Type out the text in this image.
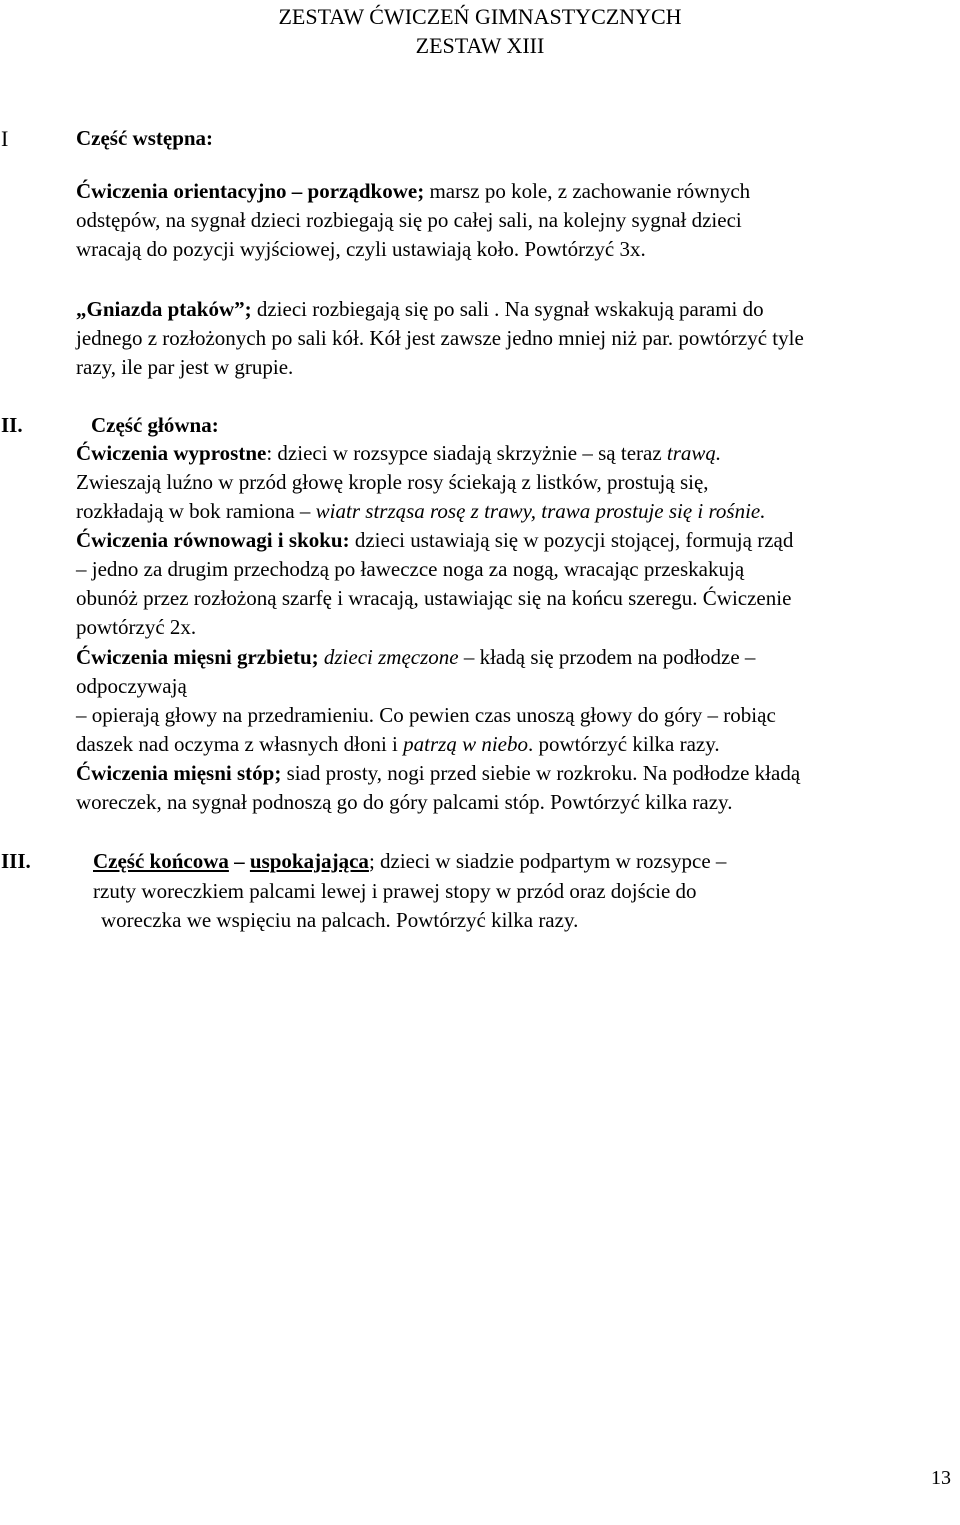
ZESTAW ĆWICZEŃ GIMNASTYCZNYCH
ZESTAW XIII
I	Część wstępna:
Ćwiczenia orientacyjno – porządkowe; marsz po kole, z zachowanie równych
odstępów, na sygnał dzieci rozbiegają się po całej sali, na kolejny sygnał dzieci
wracają do pozycji wyjściowej, czyli ustawiają koło. Powtórzyć 3x.
„Gniazda ptaków”; dzieci rozbiegają się po sali . Na sygnał wskakują parami do
jednego z rozłożonych po sali kół. Kół jest zawsze jedno mniej niż par. powtórzyć tyle
razy, ile par jest w grupie.
II.	Część główna:
Ćwiczenia wyprostne: dzieci w rozsypce siadają skrzyżnie – są teraz trawą.
Zwieszają luźno w przód głowę krople rosy ściekają z listków, prostują się,
rozkładają w bok ramiona – wiatr strząsa rosę z trawy, trawa prostuje się i rośnie.
Ćwiczenia równowagi i skoku: dzieci ustawiają się w pozycji stojącej, formują rząd
– jedno za drugim przechodzą po ławeczce noga za nogą, wracając przeskakują
obunóż przez rozłożoną szarfę i wracają, ustawiając się na końcu szeregu. Ćwiczenie
powtórzyć 2x.
Ćwiczenia mięsni grzbietu; dzieci zmęczone – kładą się przodem na podłodze –
odpoczywają
– opierają głowy na przedramieniu. Co pewien czas unoszą głowy do góry – robiąc
daszek nad oczyma z własnych dłoni i patrzą w niebo. powtórzyć kilka razy.
Ćwiczenia mięsni stóp; siad prosty, nogi przed siebie w rozkroku. Na podłodze kładą
woreczek, na sygnał podnoszą go do góry palcami stóp. Powtórzyć kilka razy.
III.	Część końcowa – uspokajająca; dzieci w siadzie podpartym w rozsypce –
rzuty woreczkiem palcami lewej i prawej stopy w przód oraz dojście do
woreczka we wspięciu na palcach. Powtórzyć kilka razy.
13
